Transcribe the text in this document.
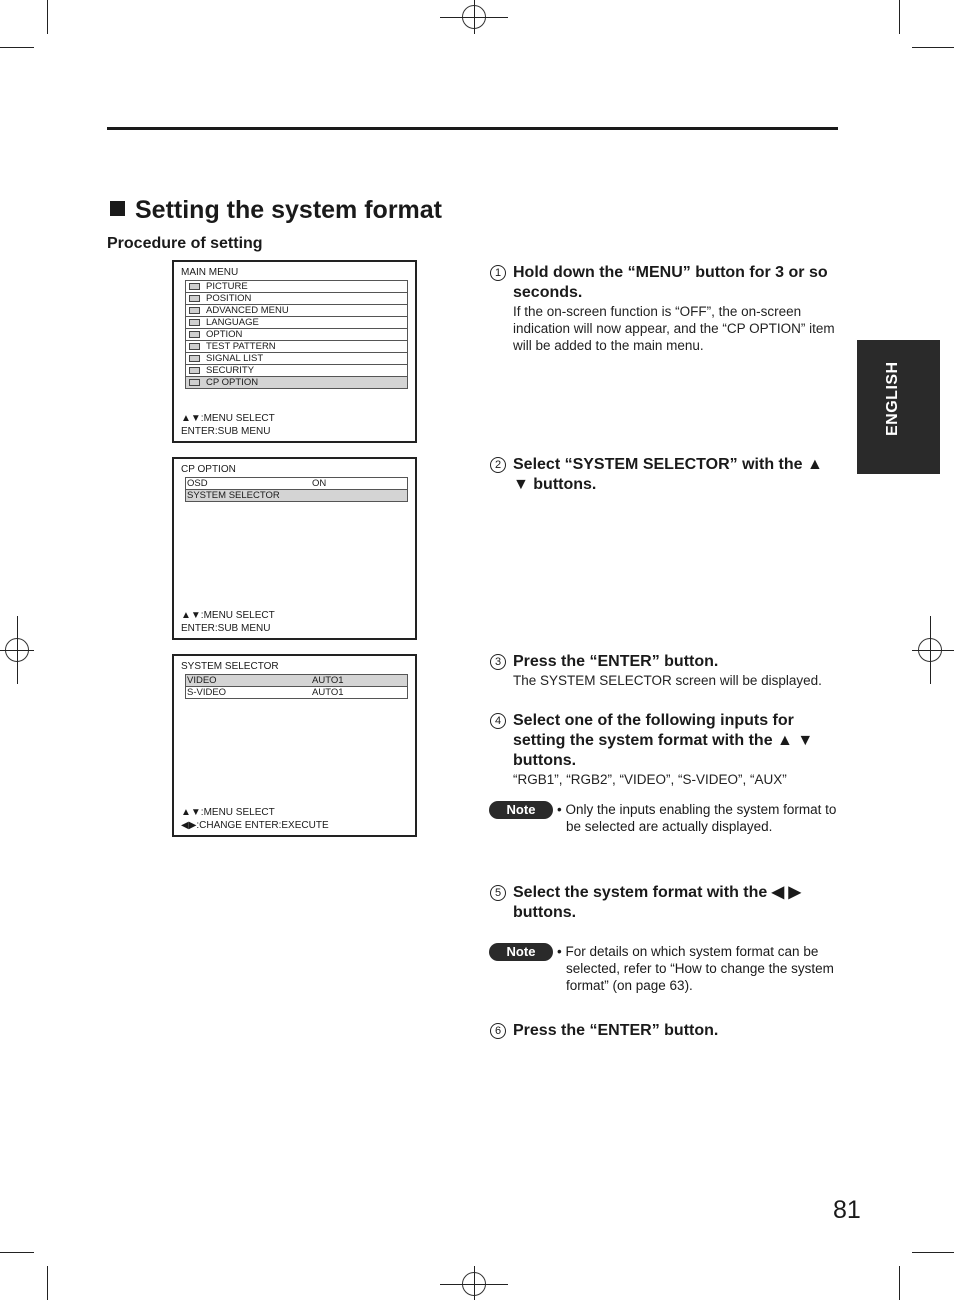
Setting the system format
Procedure of setting
MAIN MENU
PICTURE
POSITION
ADVANCED MENU
LANGUAGE
OPTION
TEST PATTERN
SIGNAL LIST
SECURITY
CP OPTION
▲▼:MENU SELECT
ENTER:SUB MENU
CP OPTION
OSD	ON
SYSTEM SELECTOR
▲▼:MENU SELECT
ENTER:SUB MENU
SYSTEM SELECTOR
VIDEO	AUTO1
S-VIDEO	AUTO1
▲▼:MENU SELECT
◀▶:CHANGE ENTER:EXECUTE
1 Hold down the “MENU” button for 3 or so seconds.
If the on-screen function is “OFF”, the on-screen indication will now appear, and the “CP OPTION” item will be added to the main menu.
2 Select “SYSTEM SELECTOR” with the ▲ ▼ buttons.
3 Press the “ENTER” button.
The SYSTEM SELECTOR screen will be displayed.
4 Select one of the following inputs for setting the system format with the ▲ ▼ buttons.
“RGB1”, “RGB2”, “VIDEO”, “S-VIDEO”, “AUX”
Note	• Only the inputs enabling the system format to be selected are actually displayed.
5 Select the system format with the ◀ ▶ buttons.
Note	• For details on which system format can be selected, refer to “How to change the system format” (on page 63).
6 Press the “ENTER” button.
ENGLISH
81
